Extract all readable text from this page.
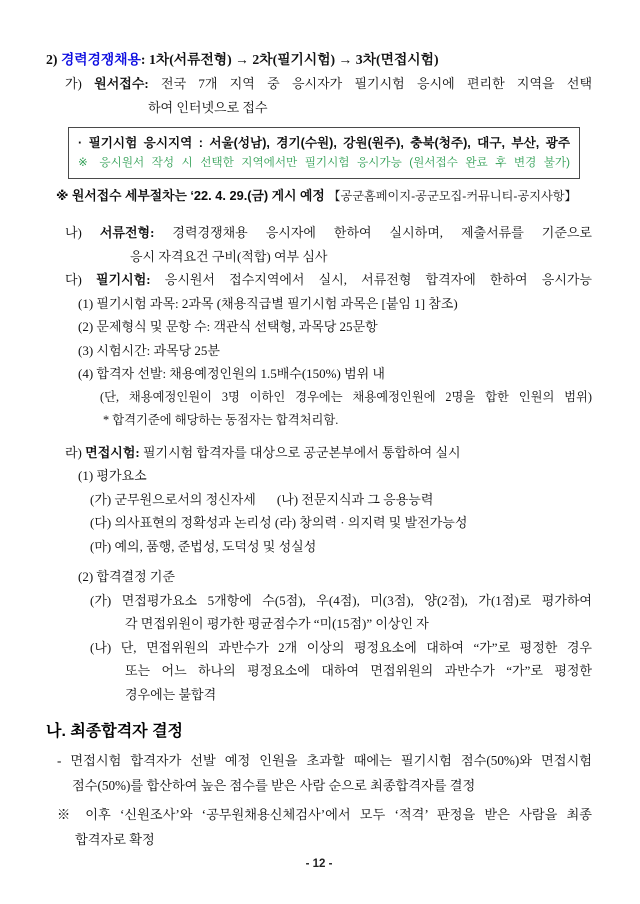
2) 경력경쟁채용: 1차(서류전형) → 2차(필기시험) → 3차(면접시험)
가) 원서접수: 전국 7개 지역 중 응시자가 필기시험 응시에 편리한 지역을 선택
하여 인터넷으로 접수
· 필기시험 응시지역 : 서울(성남), 경기(수원), 강원(원주), 충북(청주), 대구, 부산, 광주
※ 응시원서 작성 시 선택한 지역에서만 필기시험 응시가능 (원서접수 완료 후 변경 불가)
※ 원서접수 세부절차는 ‘22. 4. 29.(금) 게시 예정 【공군홈페이지-공군모집-커뮤니티-공지사항】
나) 서류전형: 경력경쟁채용 응시자에 한하여 실시하며, 제출서류를 기준으로
응시 자격요건 구비(적합) 여부 심사
다) 필기시험: 응시원서 접수지역에서 실시, 서류전형 합격자에 한하여 응시가능
(1) 필기시험 과목: 2과목 (채용직급별 필기시험 과목은 [붙임 1] 참조)
(2) 문제형식 및 문항 수: 객관식 선택형, 과목당 25문항
(3) 시험시간: 과목당 25분
(4) 합격자 선발: 채용예정인원의 1.5배수(150%) 범위 내
(단, 채용예정인원이 3명 이하인 경우에는 채용예정인원에 2명을 합한 인원의 범위)
* 합격기준에 해당하는 동점자는 합격처리함.
라) 면접시험: 필기시험 합격자를 대상으로 공군본부에서 통합하여 실시
(1) 평가요소
(가) 군무원으로서의 정신자세 (나) 전문지식과 그 응용능력
(다) 의사표현의 정확성과 논리성 (라) 창의력 · 의지력 및 발전가능성
(마) 예의, 품행, 준법성, 도덕성 및 성실성
(2) 합격결정 기준
(가) 면접평가요소 5개항에 수(5점), 우(4점), 미(3점), 양(2점), 가(1점)로 평가하여
각 면접위원이 평가한 평균점수가 “미(15점)” 이상인 자
(나) 단, 면접위원의 과반수가 2개 이상의 평정요소에 대하여 “가”로 평정한 경우
또는 어느 하나의 평정요소에 대하여 면접위원의 과반수가 “가”로 평정한
경우에는 불합격
나. 최종합격자 결정
- 면접시험 합격자가 선발 예정 인원을 초과할 때에는 필기시험 점수(50%)와 면접시험
점수(50%)를 합산하여 높은 점수를 받은 사람 순으로 최종합격자를 결정
※ 이후 ‘신원조사’와 ‘공무원채용신체검사’에서 모두 ‘적격’ 판정을 받은 사람을 최종
합격자로 확정
- 12 -
